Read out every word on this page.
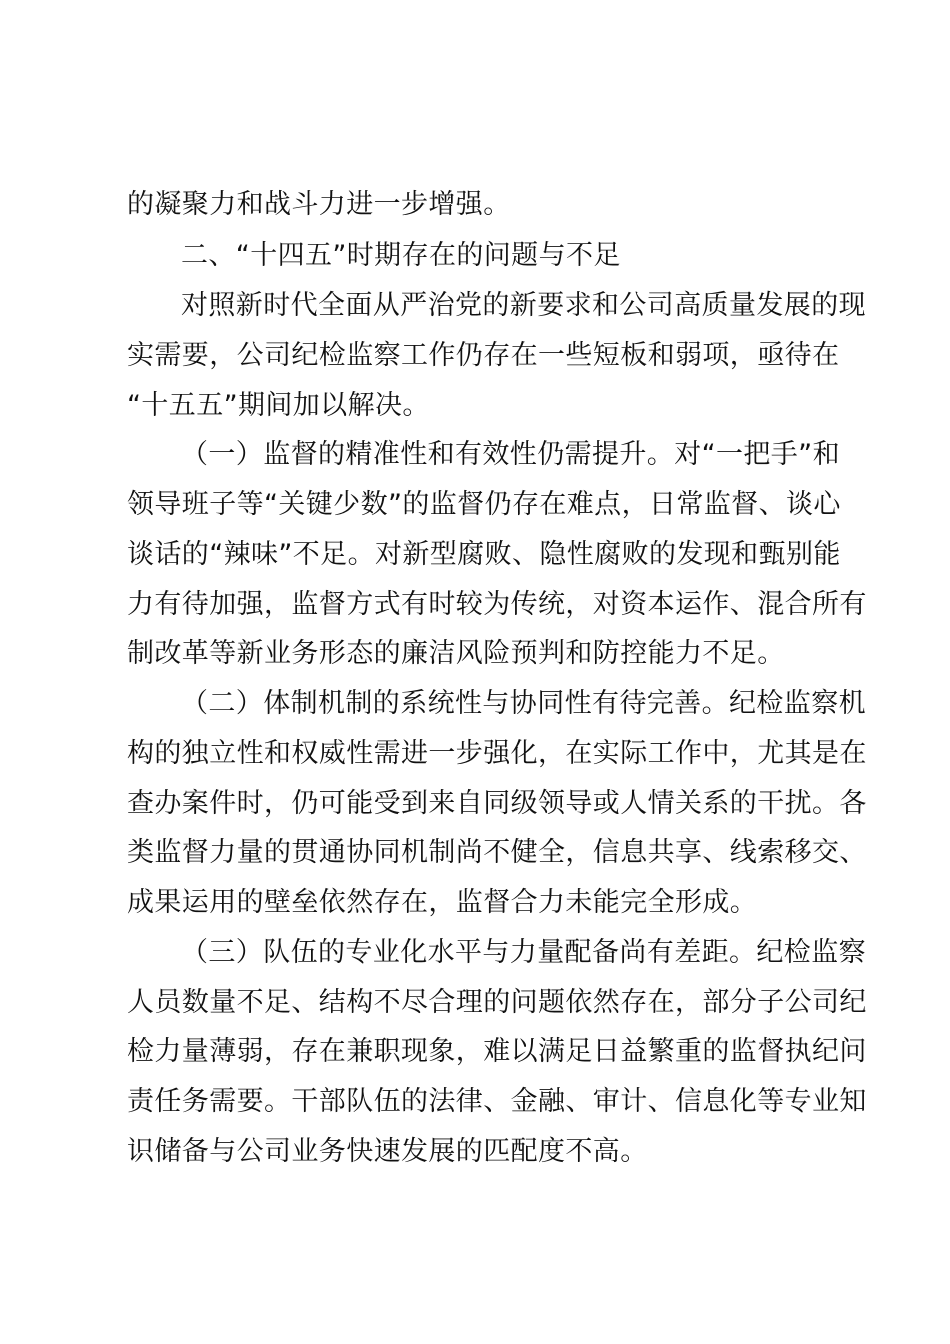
的凝聚力和战斗力进一步增强。
二、“十四五”时期存在的问题与不足
对照新时代全面从严治党的新要求和公司高质量发展的现
实需要，公司纪检监察工作仍存在一些短板和弱项，亟待在
“十五五”期间加以解决。
（一）监督的精准性和有效性仍需提升。对“一把手”和
领导班子等“关键少数”的监督仍存在难点，日常监督、谈心
谈话的“辣味”不足。对新型腐败、隐性腐败的发现和甄别能
力有待加强，监督方式有时较为传统，对资本运作、混合所有
制改革等新业务形态的廉洁风险预判和防控能力不足。
（二）体制机制的系统性与协同性有待完善。纪检监察机
构的独立性和权威性需进一步强化，在实际工作中，尤其是在
查办案件时，仍可能受到来自同级领导或人情关系的干扰。各
类监督力量的贯通协同机制尚不健全，信息共享、线索移交、
成果运用的壁垒依然存在，监督合力未能完全形成。
（三）队伍的专业化水平与力量配备尚有差距。纪检监察
人员数量不足、结构不尽合理的问题依然存在，部分子公司纪
检力量薄弱，存在兼职现象，难以满足日益繁重的监督执纪问
责任务需要。干部队伍的法律、金融、审计、信息化等专业知
识储备与公司业务快速发展的匹配度不高。
